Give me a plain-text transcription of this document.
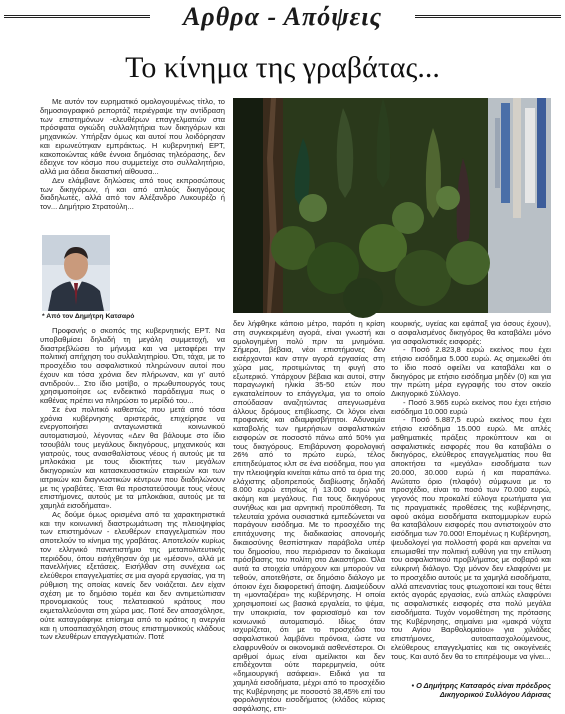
Αρθρα - Απόψεις
Το κίνημα της γραβάτας...

Με αυτόν τον ευρηματικό ομολογουμένως τίτλο, το δημοσιογραφικό ρεπορτάζ περιέγραψε την αντίδραση των επιστημόνων -ελευθέρων επαγγελματιών στα πρόσφατα ογκώδη συλλαλητήρια των δικηγόρων και μηχανικών. Υπήρξαν όμως και αυτοί που λοιδόρησαν και ειρωνεύτηκαν εμπράκτως. Η κυβερνητική ΕΡΤ, κακοποιώντας κάθε έννοια δημόσιας τηλεόρασης, δεν έδειχνε τον κόσμο που συμμετείχε στο συλλαλητήριο, αλλά μια άδεια δικαστική αίθουσα...

Δεν ελάμβανε δηλώσεις από τους εκπροσώπους των δικηγόρων, ή και από απλούς δικηγόρους διαδηλωτές, αλλά από τον Αλέξανδρο Λυκουρέζο ή τον... Δημήτριο Στρατούλη...

* Από τον Δημήτρη Κατσαρό

Προφανής ο σκοπός της κυβερνητικής ΕΡΤ. Να υποβαθμίσει δηλαδή τη μεγάλη συμμετοχή, να διαστρεβλώσει το μήνυμα και να μεταφέρει την πολιτική απήχηση του συλλαλητηρίου. Ότι, τάχα, με το προσχέδιο του ασφαλιστικού πληρώνουν αυτοί που έχουν και τόσα χρόνια δεν πλήρωναν, και γι' αυτό αντιδρούν... Στο ίδιο μοτίβο, ο πρωθυπουργός τους χρησιμοποίησε ως ενδεικτικό παράδειγμα πως ο καθένας πρέπει να πληρώσει το μερίδιό του...

Σε ένα πολιτικό καθεστώς που μετά από τόσα χρόνια κυβέρνησης αριστεράς, επιχείρησε να ενεργοποιήσει ανταγωνιστικά κοινωνικού αυτοματισμού, λέγοντας «Δεν θα βάλουμε στο ίδιο τσουβάλι τους μεγάλους δικηγόρους, μηχανικούς και γιατρούς, τους αναισθαλίστους νέους ή αυτούς με τα μπλοκάκια με τους ιδιοκτήτες των μεγάλων δικηγορικών και κατασκευαστικών εταιρειών και των ιατρικών και διαγνωστικών κέντρων που διαδηλώνουν με τις γραβάτες. Έτσι θα προστατεύσουμε τους νέους επιστήμονες, αυτούς με τα μπλοκάκια, αυτούς με τα χαμηλά εισοδήματα».

Ας δούμε όμως ορισμένα από τα χαρακτηριστικά και την κοινωνική διαστρωμάτωση της πλειοψηφίας των επιστημόνων - ελευθέρων επαγγελματιών που αποτελούν το κίνημα της γραβάτας. Αποτελούν κυρίως τον ελληνικό πανεπιστήμιο της μεταπολιτευτικής περιόδου, όπου εισήχθησαν όχι με «μέσον», αλλά με πανελλήνιες εξετάσεις. Εισήλθαν στη συνέχεια ως ελεύθεροι επαγγελματίες σε μια αγορά εργασίας, για τη ρύθμιση της οποίας κανείς δεν νοιάζεται. Δεν είχαν σχέση με το δημόσιο τομέα και δεν αντιμετώπισαν προνομιακούς τους πελατειακού κράτους που εκμεταλλεύονται στη χώρα μας. Ποτέ δεν απασχόλησε, ούτε καταγράφηκε επίσημα από το κράτος η ανεργία και η υποαπασχόληση στους επιστημονικούς κλάδους των ελευθέρων επαγγελματιών. Ποτέ

δεν λήφθηκε κάποιο μέτρο, παρότι η κρίση στη συγκεκριμένη αγορά, είναι γνωστή και ομολογημένη πολύ πριν τα μνημόνια. Σήμερα, βέβαια, νέοι επιστήμονες δεν εισέρχονται καν στην αγορά εργασίας στη χώρα μας, προτιμώντας τη φυγή στο εξωτερικό. Υπάρχουν βέβαια και αυτοί, στην παραγωγική ηλικία 35-50 ετών που εγκαταλείπουν το επάγγελμα, για το οποίο σπούδασαν αναζητώντας απεγνωσμένα άλλους δρόμους επιβίωσης. Οι λόγοι είναι προφανείς και αδιαμφισβήτητοι. Αδυναμία καταβολής των ημερήσιων ασφαλιστικών εισφορών σε ποσοστό πάνω από 50% για τους δικηγόρους. Επιβάρυνση φορολογική 26% από το πρώτο ευρώ, τέλος επιτηδεύματος κλπ σε ένα εισόδημα, που για την πλειοψηφία κινείται κάτω από τα όρια της ελάχιστης αξιοπρεπούς διαβίωσης δηλαδή 8.000 ευρώ ετησίως ή 13.000 ευρώ για ακόμη και μεγάλους. Για τους δικηγόρους συνήθως και μια αρνητική προϋπόθεση. Τα τελευταία χρόνια ουσιαστικά εμπεδώνεται να παράγουν εισόδημα. Με το προσχέδιο της επιτάχυνσης της διαδικασίας απονομής δικαιοσύνης θεσπίστηκαν παράβολα υπέρ του δημοσίου, που περιόρισαν το δικαίωμα πρόσβασης του πολίτη στο Δικαστήριο. Όλα αυτά τα στοιχεία υπάρχουν και μπορούν να τεθούν, αποτεθήστε, σε δημόσιο διάλογο με όποιον έχει διαφορετική άποψη. Διαψεύδουν τη «μονταζιέρα» της κυβέρνησης. Η οποία χρησιμοποιεί ως βασικά εργαλεία, το ψέμα, την υποκρισία, τον φαρισαϊσμό και τον κοινωνικό αυτοματισμό. Ιδίως όταν ισχυρίζεται, ότι με το προσχέδιο του ασφαλιστικού λαμβάνει πρόνοια, ώστε να ελαφρυνθούν οι οικονομικά ασθενέστεροι. Οι αριθμοί όμως είναι αμείλικτοι και δεν επιδέχονται ούτε παρερμηνεία, ούτε «δημιουργική ασάφεια». Ειδικά για τα χαμηλά εισοδήματα, μέχρι από το προσχέδιο της Κυβέρνησης με ποσοστό 38,45% επί του φορολογητέου εισοδήματος (κλάδος κύριας ασφάλισης, επι-

κουρικής, υγείας και εφάπαξ για όσους έχουν), ο ασφαλισμένος δικηγόρος θα καταβάλει μόνο για ασφαλιστικές εισφορές:

- Ποσό 2.823,8 ευρώ εκείνος που έχει ετήσιο εισόδημα 5.000 ευρώ. Ας σημειωθεί ότι το ίδιο ποσό οφείλει να καταβάλει και ο δικηγόρος με ετήσιο εισόδημα μηδέν (0) και για την πρώτη μέρα εγγραφής του στον οικείο Δικηγορικό Σύλλογο.

- Ποσό 3.965 ευρώ εκείνος που έχει ετήσιο εισόδημα 10.000 ευρώ

- Ποσό 5.887,5 ευρώ εκείνος που έχει ετήσιο εισόδημα 15.000 ευρώ. Με απλές μαθηματικές πράξεις προκύπτουν και οι ασφαλιστικές εισφορές που θα καταβάλει ο δικηγόρος, ελεύθερος επαγγελματίας που θα αποκτήσει τα «μεγάλα» εισοδήματα των 20.000, 30.000 ευρώ ή και παραπάνω. Ανώτατο όριο (πλαφόν) σύμφωνα με το προσχέδιο, είναι το ποσό των 70.000 ευρώ, γεγονός που προκαλεί εύλογα ερωτήματα για τις πραγματικές προθέσεις της κυβέρνησης, αφού ακόμα εισοδήματα εκατομμυρίων ευρώ θα καταβάλουν εισφορές που αντιστοιχούν στο εισόδημα των 70.000! Επομένως η Κυβέρνηση, ψευδολογεί για πολλοστή φορά και αρνείται να επωμισθεί την πολιτική ευθύνη για την επίλυση του ασφαλιστικού προβλήματος με σοβαρό και ειλικρινή διάλογο. Όχι μόνον δεν ελαφρύνει με το προσχέδιο αυτούς με τα χαμηλά εισοδήματα, αλλά απεναντίας τους φτωχοποιεί και τους θέτει εκτός αγοράς εργασίας, ενώ απλώς ελαφρύνει τις ασφαλιστικές εισφορές στα πολύ μεγάλα εισοδήματα. Τυχόν νομοθέτηση της πρότασης της Κυβέρνησης, σημαίνει μια «μακρά νύχτα του Αγίου Βαρθολομαίου» για χιλιάδες επιστήμονες, αυτοαπασχολούμενους, ελεύθερους επαγγελματίες και τις οικογένειές τους. Και αυτό δεν θα το επιτρέψουμε να γίνει...

• Ο Δημήτρης Κατσαρός είναι πρόεδρος Δικηγορικού Συλλόγου Λάρισας
